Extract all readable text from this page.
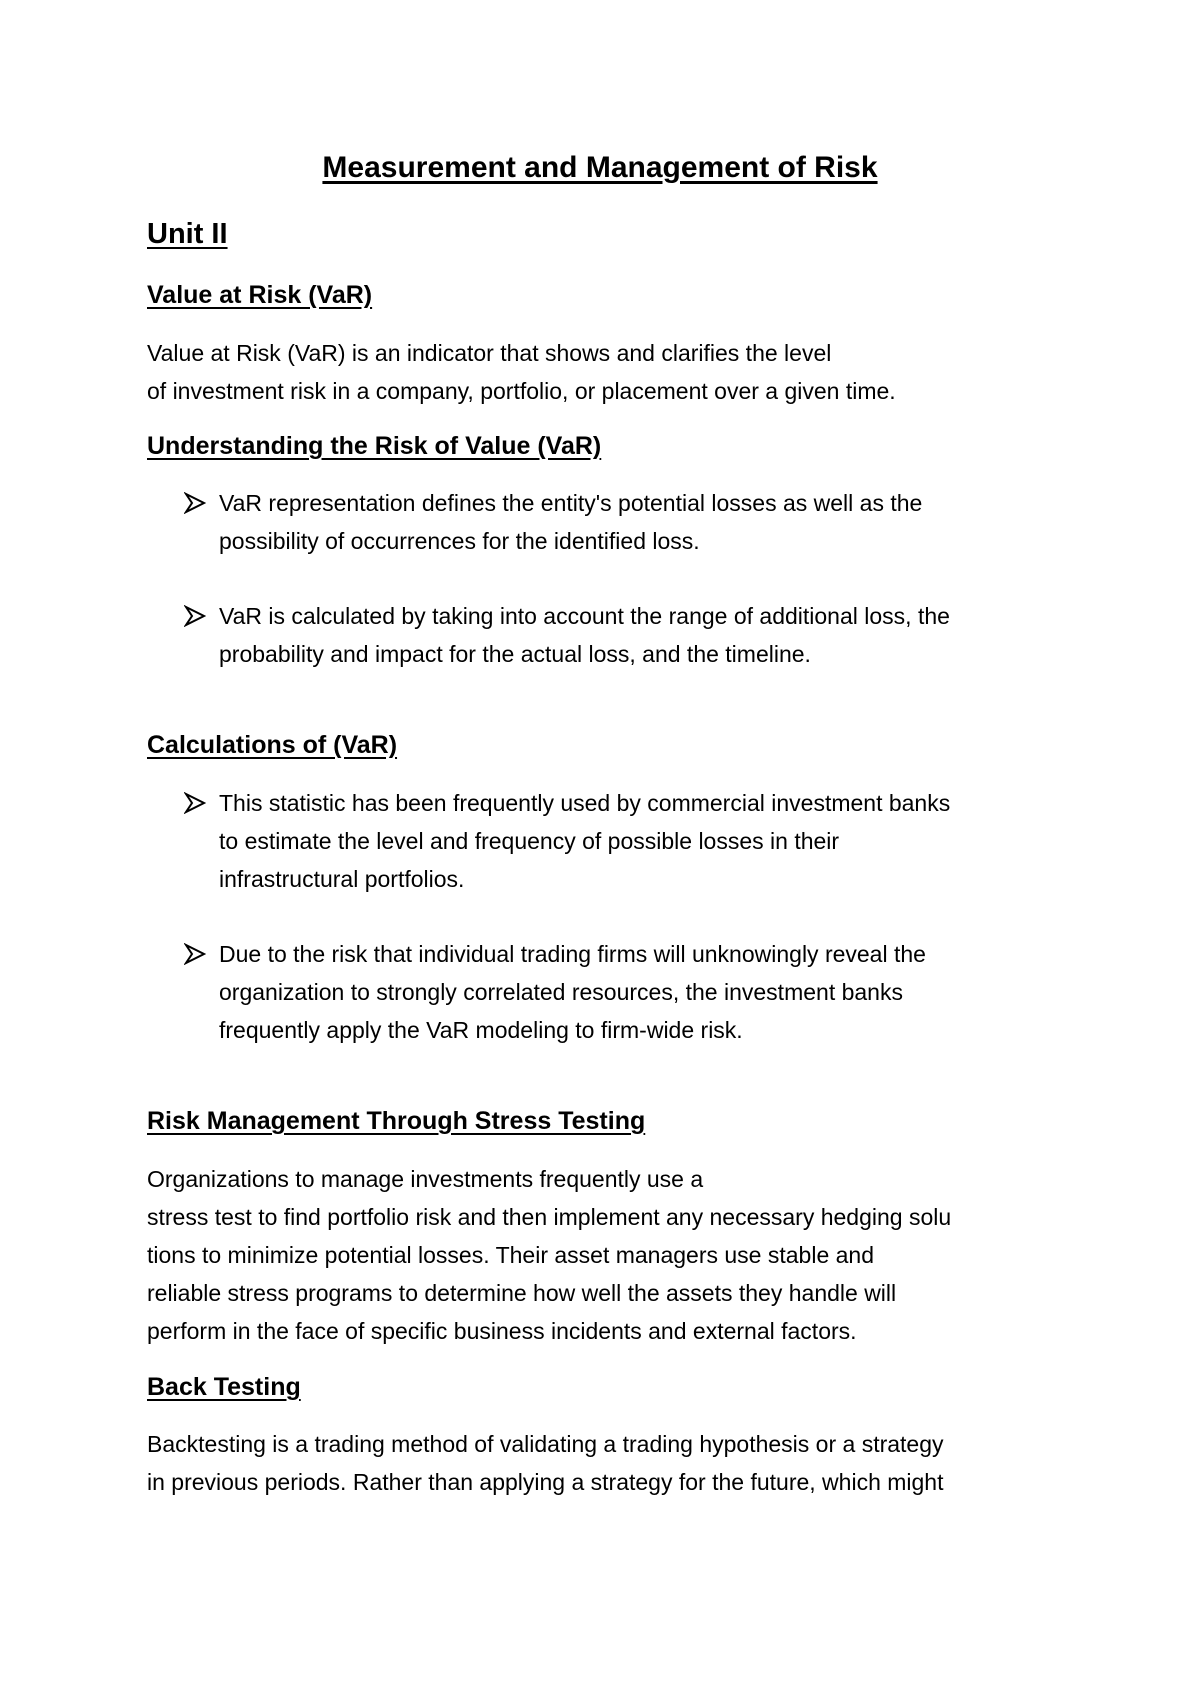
Measurement and Management of Risk

Unit II

Value at Risk (VaR)

Value at Risk (VaR) is an indicator that shows and clarifies the level

of investment risk in a company, portfolio, or placement over a given time.

Understanding the Risk of Value (VaR)

VaR representation defines the entity's potential losses as well as the

possibility of occurrences for the identified loss.

VaR is calculated by taking into account the range of additional loss, the

probability and impact for the actual loss, and the timeline.

Calculations of (VaR)

This statistic has been frequently used by commercial investment banks

to estimate the level and frequency of possible losses in their

infrastructural portfolios.

Due to the risk that individual trading firms will unknowingly reveal the

organization to strongly correlated resources, the investment banks

frequently apply the VaR modeling to firm-wide risk.

Risk Management Through Stress Testing

Organizations to manage investments frequently use a

stress test to find portfolio risk and then implement any necessary hedging solu

tions to minimize potential losses. Their asset managers use stable and

reliable stress programs to determine how well the assets they handle will

perform in the face of specific business incidents and external factors.

Back Testing

Backtesting is a trading method of validating a trading hypothesis or a strategy

in previous periods. Rather than applying a strategy for the future, which might
